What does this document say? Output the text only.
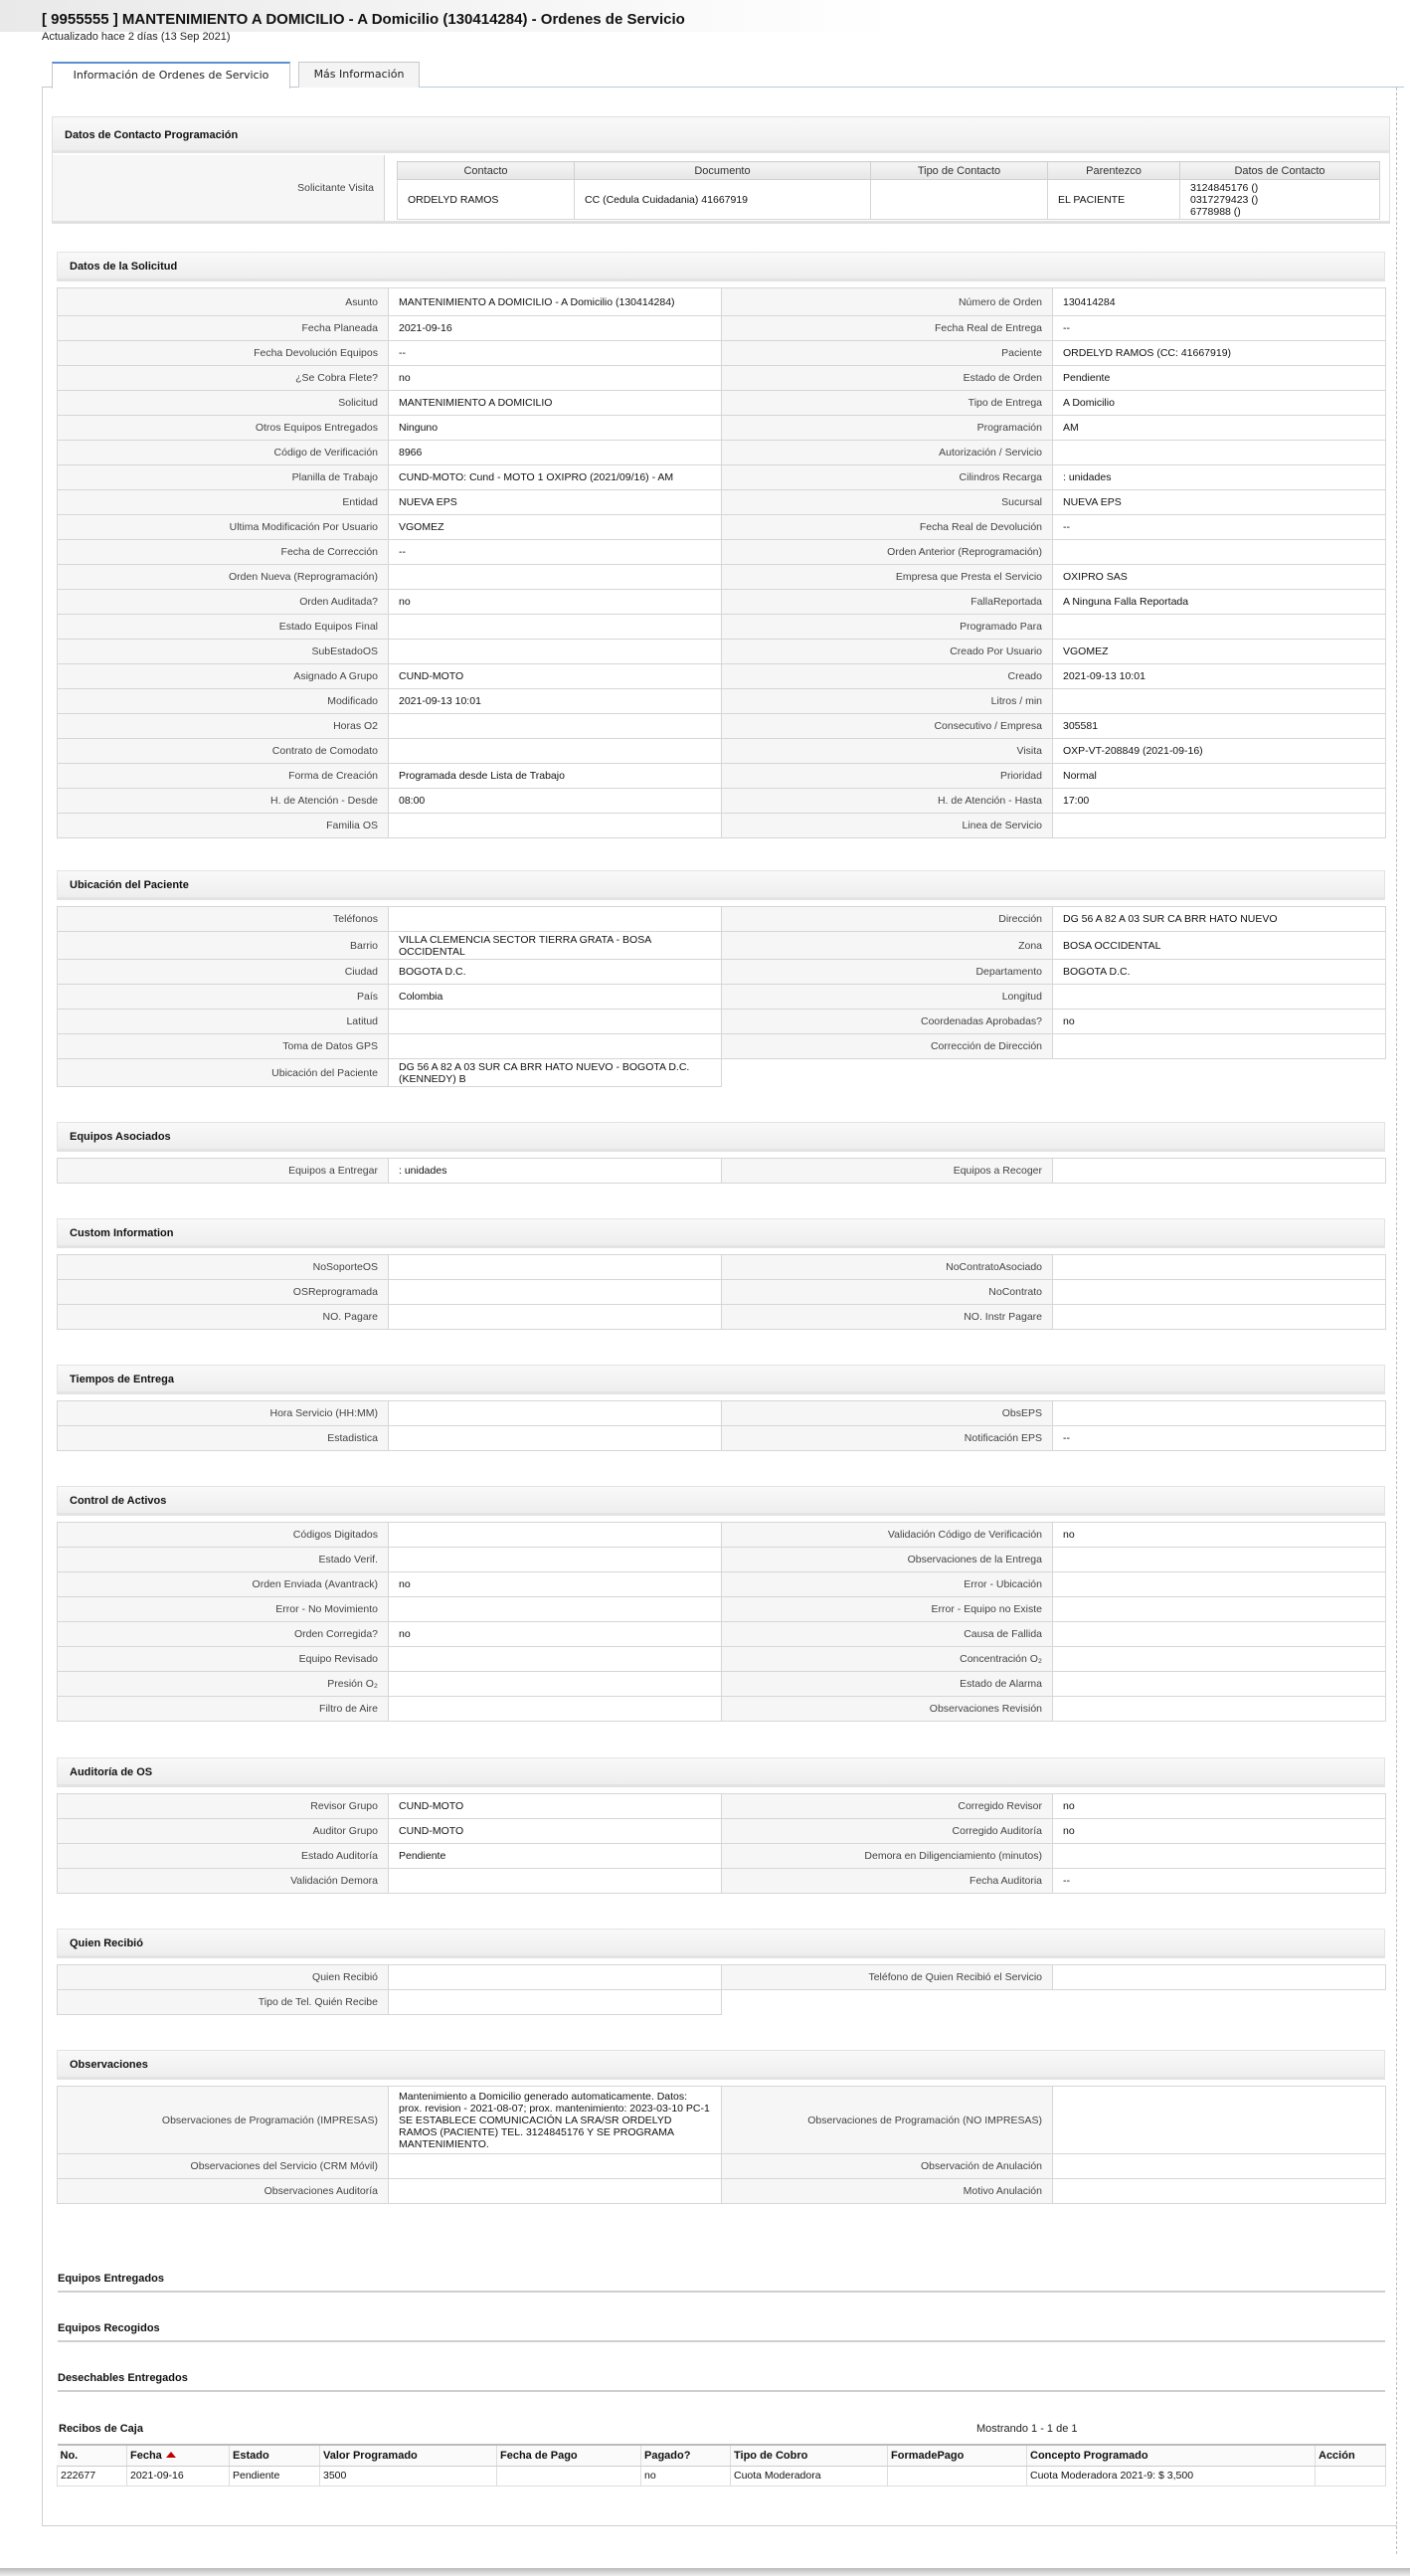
[ 9955555 ] MANTENIMIENTO A DOMICILIO - A Domicilio (130414284) - Ordenes de Servicio
Actualizado hace 2 días (13 Sep 2021)
Información de Ordenes de Servicio	Más Información
Datos de Contacto Programación
Solicitante Visita
Contacto	Documento	Tipo de Contacto	Parentezco	Datos de Contacto
ORDELYD RAMOS	CC (Cedula Cuidadania) 41667919		EL PACIENTE	3124845176 ()
0317279423 ()
6778988 ()
Datos de la Solicitud
Asunto	MANTENIMIENTO A DOMICILIO - A Domicilio (130414284)	Número de Orden	130414284
Fecha Planeada	2021-09-16	Fecha Real de Entrega	--
Fecha Devolución Equipos	--	Paciente	ORDELYD RAMOS (CC: 41667919)
¿Se Cobra Flete?	no	Estado de Orden	Pendiente
Solicitud	MANTENIMIENTO A DOMICILIO	Tipo de Entrega	A Domicilio
Otros Equipos Entregados	Ninguno	Programación	AM
Código de Verificación	8966	Autorización / Servicio	
Planilla de Trabajo	CUND-MOTO: Cund - MOTO 1 OXIPRO (2021/09/16) - AM	Cilindros Recarga	: unidades
Entidad	NUEVA EPS	Sucursal	NUEVA EPS
Ultima Modificación Por Usuario	VGOMEZ	Fecha Real de Devolución	--
Fecha de Corrección	--	Orden Anterior (Reprogramación)	
Orden Nueva (Reprogramación)		Empresa que Presta el Servicio	OXIPRO SAS
Orden Auditada?	no	FallaReportada	A Ninguna Falla Reportada
Estado Equipos Final		Programado Para	
SubEstadoOS		Creado Por Usuario	VGOMEZ
Asignado A Grupo	CUND-MOTO	Creado	2021-09-13 10:01
Modificado	2021-09-13 10:01	Litros / min	
Horas O2		Consecutivo / Empresa	305581
Contrato de Comodato		Visita	OXP-VT-208849 (2021-09-16)
Forma de Creación	Programada desde Lista de Trabajo	Prioridad	Normal
H. de Atención - Desde	08:00	H. de Atención - Hasta	17:00
Familia OS		Linea de Servicio	
Ubicación del Paciente
Teléfonos		Dirección	DG 56 A 82 A 03 SUR CA BRR HATO NUEVO
Barrio	VILLA CLEMENCIA SECTOR TIERRA GRATA - BOSA OCCIDENTAL	Zona	BOSA OCCIDENTAL
Ciudad	BOGOTA D.C.	Departamento	BOGOTA D.C.
País	Colombia	Longitud	
Latitud		Coordenadas Aprobadas?	no
Toma de Datos GPS		Corrección de Dirección	
Ubicación del Paciente	DG 56 A 82 A 03 SUR CA BRR HATO NUEVO - BOGOTA D.C. (KENNEDY) B		
Equipos Asociados
Equipos a Entregar	: unidades	Equipos a Recoger	
Custom Information
NoSoporteOS		NoContratoAsociado	
OSReprogramada		NoContrato	
NO. Pagare		NO. Instr Pagare	
Tiempos de Entrega
Hora Servicio (HH:MM)		ObsEPS	
Estadistica		Notificación EPS	--
Control de Activos
Códigos Digitados		Validación Código de Verificación	no
Estado Verif.		Observaciones de la Entrega	
Orden Enviada (Avantrack)	no	Error - Ubicación	
Error - No Movimiento		Error - Equipo no Existe	
Orden Corregida?	no	Causa de Fallida	
Equipo Revisado		Concentración O₂	
Presión O₂		Estado de Alarma	
Filtro de Aire		Observaciones Revisión	
Auditoría de OS
Revisor Grupo	CUND-MOTO	Corregido Revisor	no
Auditor Grupo	CUND-MOTO	Corregido Auditoría	no
Estado Auditoría	Pendiente	Demora en Diligenciamiento (minutos)	
Validación Demora		Fecha Auditoria	--
Quien Recibió
Quien Recibió		Teléfono de Quien Recibió el Servicio	
Tipo de Tel. Quién Recibe			
Observaciones
Observaciones de Programación (IMPRESAS)	Mantenimiento a Domicilio generado automaticamente. Datos: prox. revision - 2021-08-07; prox. mantenimiento: 2023-03-10 PC-1 SE ESTABLECE COMUNICACIÓN LA SRA/SR ORDELYD RAMOS (PACIENTE) TEL. 3124845176 Y SE PROGRAMA MANTENIMIENTO.	Observaciones de Programación (NO IMPRESAS)	
Observaciones del Servicio (CRM Móvil)		Observación de Anulación	
Observaciones Auditoría		Motivo Anulación	
Equipos Entregados
Equipos Recogidos
Desechables Entregados
Recibos de Caja	Mostrando 1 - 1 de 1
No.	Fecha	Estado	Valor Programado	Fecha de Pago	Pagado?	Tipo de Cobro	FormadePago	Concepto Programado	Acción
222677	2021-09-16	Pendiente	3500		no	Cuota Moderadora		Cuota Moderadora 2021-9: $ 3,500	
